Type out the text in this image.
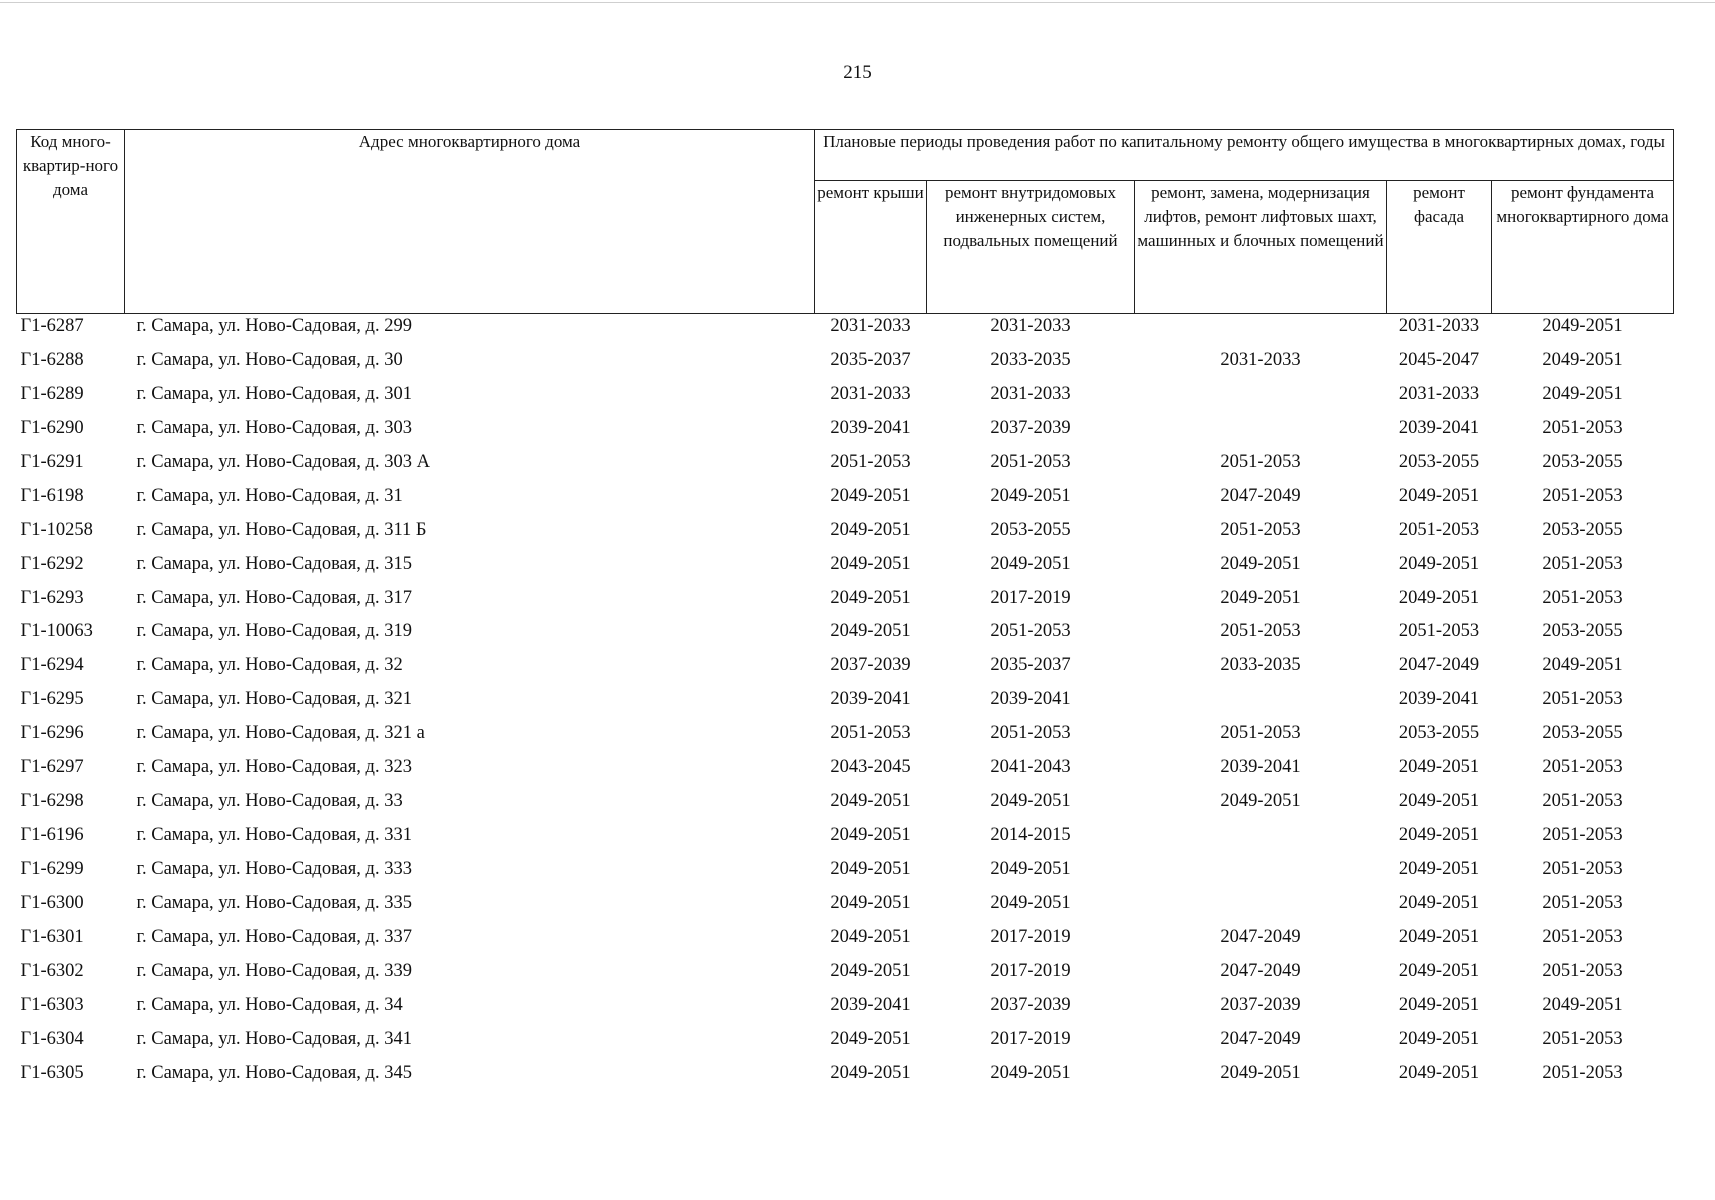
215
Код много-квартир-ного дома	Адрес многоквартирного дома	Плановые периоды проведения работ по капитальному ремонту общего имущества в многоквартирных домах, годы				
		ремонт крыши	ремонт внутридомовых инженерных систем, подвальных помещений	ремонт, замена, модернизация лифтов, ремонт лифтовых шахт, машинных и блочных помещений	ремонт фасада	ремонт фундамента многоквартирного дома
Г1-6287	г. Самара, ул. Ново-Садовая, д. 299	2031-2033	2031-2033		2031-2033	2049-2051
Г1-6288	г. Самара, ул. Ново-Садовая, д. 30	2035-2037	2033-2035	2031-2033	2045-2047	2049-2051
Г1-6289	г. Самара, ул. Ново-Садовая, д. 301	2031-2033	2031-2033		2031-2033	2049-2051
Г1-6290	г. Самара, ул. Ново-Садовая, д. 303	2039-2041	2037-2039		2039-2041	2051-2053
Г1-6291	г. Самара, ул. Ново-Садовая, д. 303 А	2051-2053	2051-2053	2051-2053	2053-2055	2053-2055
Г1-6198	г. Самара, ул. Ново-Садовая, д. 31	2049-2051	2049-2051	2047-2049	2049-2051	2051-2053
Г1-10258	г. Самара, ул. Ново-Садовая, д. 311 Б	2049-2051	2053-2055	2051-2053	2051-2053	2053-2055
Г1-6292	г. Самара, ул. Ново-Садовая, д. 315	2049-2051	2049-2051	2049-2051	2049-2051	2051-2053
Г1-6293	г. Самара, ул. Ново-Садовая, д. 317	2049-2051	2017-2019	2049-2051	2049-2051	2051-2053
Г1-10063	г. Самара, ул. Ново-Садовая, д. 319	2049-2051	2051-2053	2051-2053	2051-2053	2053-2055
Г1-6294	г. Самара, ул. Ново-Садовая, д. 32	2037-2039	2035-2037	2033-2035	2047-2049	2049-2051
Г1-6295	г. Самара, ул. Ново-Садовая, д. 321	2039-2041	2039-2041		2039-2041	2051-2053
Г1-6296	г. Самара, ул. Ново-Садовая, д. 321 а	2051-2053	2051-2053	2051-2053	2053-2055	2053-2055
Г1-6297	г. Самара, ул. Ново-Садовая, д. 323	2043-2045	2041-2043	2039-2041	2049-2051	2051-2053
Г1-6298	г. Самара, ул. Ново-Садовая, д. 33	2049-2051	2049-2051	2049-2051	2049-2051	2051-2053
Г1-6196	г. Самара, ул. Ново-Садовая, д. 331	2049-2051	2014-2015		2049-2051	2051-2053
Г1-6299	г. Самара, ул. Ново-Садовая, д. 333	2049-2051	2049-2051		2049-2051	2051-2053
Г1-6300	г. Самара, ул. Ново-Садовая, д. 335	2049-2051	2049-2051		2049-2051	2051-2053
Г1-6301	г. Самара, ул. Ново-Садовая, д. 337	2049-2051	2017-2019	2047-2049	2049-2051	2051-2053
Г1-6302	г. Самара, ул. Ново-Садовая, д. 339	2049-2051	2017-2019	2047-2049	2049-2051	2051-2053
Г1-6303	г. Самара, ул. Ново-Садовая, д. 34	2039-2041	2037-2039	2037-2039	2049-2051	2049-2051
Г1-6304	г. Самара, ул. Ново-Садовая, д. 341	2049-2051	2017-2019	2047-2049	2049-2051	2051-2053
Г1-6305	г. Самара, ул. Ново-Садовая, д. 345	2049-2051	2049-2051	2049-2051	2049-2051	2051-2053
